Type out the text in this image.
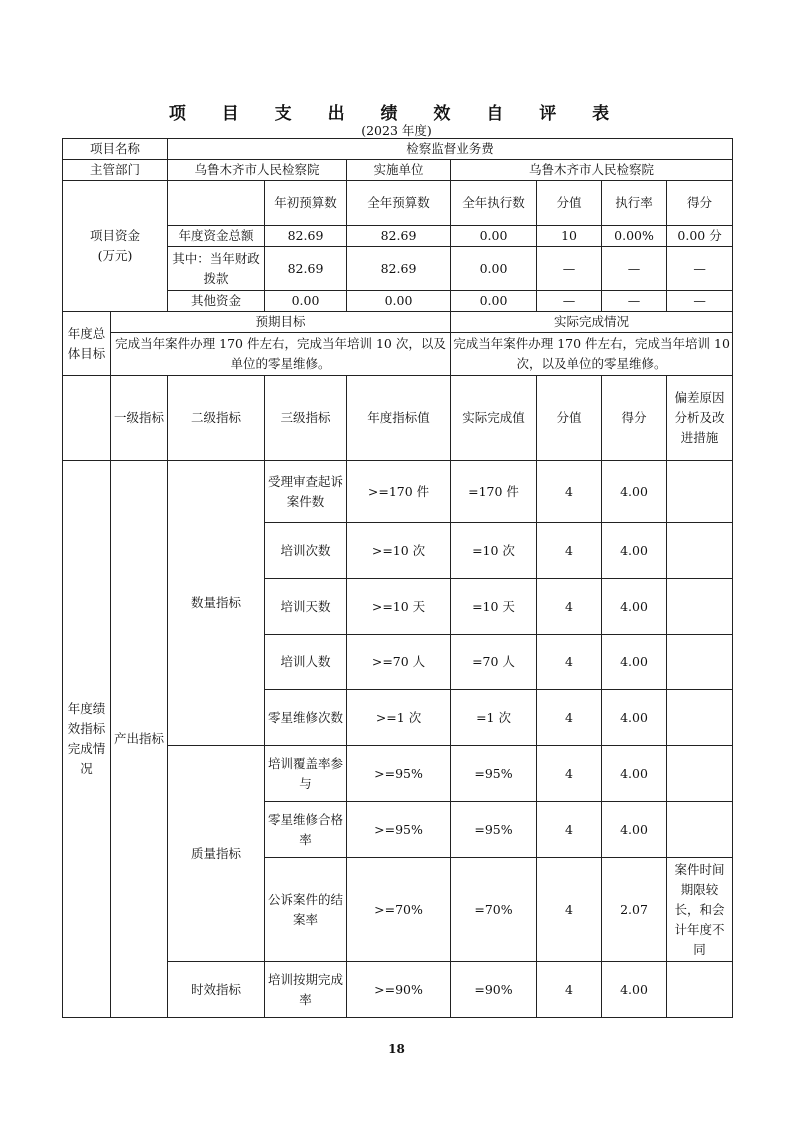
项 目 支 出 绩 效 自 评 表
(2023 年度)
项目名称		检察监督业务费						
主管部门		乌鲁木齐市人民检察院		实施单位	乌鲁木齐市人民检察院			

项目资金
(万元)			年初预算数	全年预算数	全年执行数	分值	执行率	得分
		年度资金总额	82.69	82.69	0.00	10	0.00%	0.00 分
		其中：当年财政拨款	82.69	82.69	0.00	—	—	—
		其他资金	0.00	0.00	0.00	—	—	—
年度总体目标	预期目标				实际完成情况			
	完成当年案件办理 170 件左右，完成当年培训 10 次，以及单位的零星维修。				完成当年案件办理 170 件左右，完成当年培训 10 次，以及单位的零星维修。			
	一级指标	二级指标	三级指标	年度指标值	实际完成值	分值	得分	偏差原因分析及改进措施
年度绩效指标完成情况	产出指标	数量指标	受理审查起诉案件数	>=170 件	=170 件	4	4.00	
			培训次数	>=10 次	=10 次	4	4.00	
			培训天数	>=10 天	=10 天	4	4.00	
			培训人数	>=70 人	=70 人	4	4.00	
			零星维修次数	>=1 次	=1 次	4	4.00	
		质量指标	培训覆盖率参与	>=95%	=95%	4	4.00	
			零星维修合格率	>=95%	=95%	4	4.00	
			公诉案件的结案率	>=70%	=70%	4	2.07	案件时间期限较长，和会计年度不同
		时效指标	培训按期完成率	>=90%	=90%	4	4.00	
18
